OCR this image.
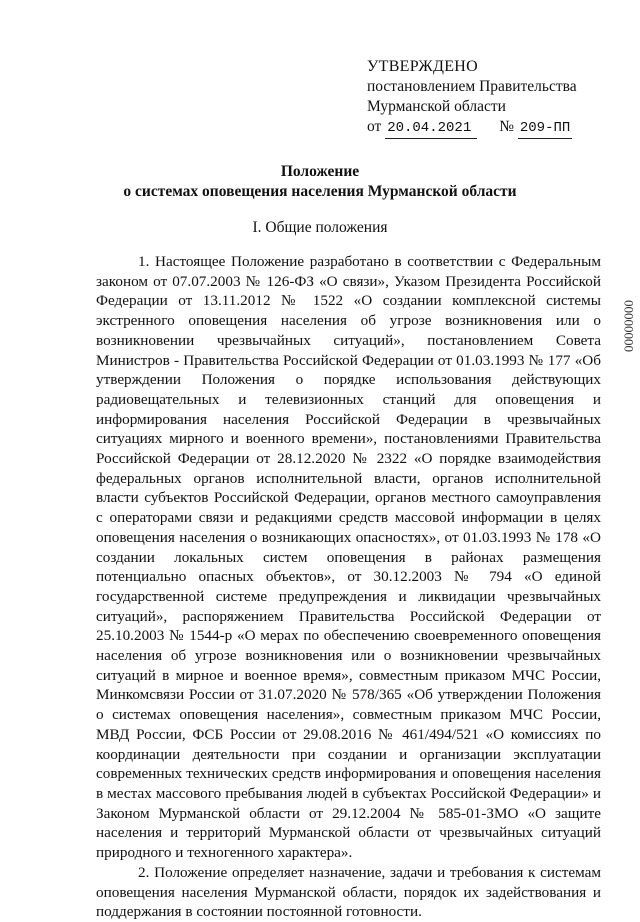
УТВЕРЖДЕНО
постановлением Правительства
Мурманской области
от 20.04.2021 № 209-ПП
Положение
о системах оповещения населения Мурманской области
I. Общие положения

1. Настоящее Положение разработано в соответствии с Федеральным законом от 07.07.2003 № 126-ФЗ «О связи», Указом Президента Российской Федерации от 13.11.2012 № 1522 «О создании комплексной системы экстренного оповещения населения об угрозе возникновения или о возникновении чрезвычайных ситуаций», постановлением Совета Министров - Правительства Российской Федерации от 01.03.1993 № 177 «Об утверждении Положения о порядке использования действующих радиовещательных и телевизионных станций для оповещения и информирования населения Российской Федерации в чрезвычайных ситуациях мирного и военного времени», постановлениями Правительства Российской Федерации от 28.12.2020 № 2322 «О порядке взаимодействия федеральных органов исполнительной власти, органов исполнительной власти субъектов Российской Федерации, органов местного самоуправления с операторами связи и редакциями средств массовой информации в целях оповещения населения о возникающих опасностях», от 01.03.1993 № 178 «О создании локальных систем оповещения в районах размещения потенциально опасных объектов», от 30.12.2003 № 794 «О единой государственной системе предупреждения и ликвидации чрезвычайных ситуаций», распоряжением Правительства Российской Федерации от 25.10.2003 № 1544-р «О мерах по обеспечению своевременного оповещения населения об угрозе возникновения или о возникновении чрезвычайных ситуаций в мирное и военное время», совместным приказом МЧС России, Минкомсвязи России от 31.07.2020 № 578/365 «Об утверждении Положения о системах оповещения населения», совместным приказом МЧС России, МВД России, ФСБ России от 29.08.2016 № 461/494/521 «О комиссиях по координации деятельности при создании и организации эксплуатации современных технических средств информирования и оповещения населения в местах массового пребывания людей в субъектах Российской Федерации» и Законом Мурманской области от 29.12.2004 № 585-01-ЗМО «О защите населения и территорий Мурманской области от чрезвычайных ситуаций природного и техногенного характера».

2. Положение определяет назначение, задачи и требования к системам оповещения населения Мурманской области, порядок их задействования и поддержания в состоянии постоянной готовности.

00000000
